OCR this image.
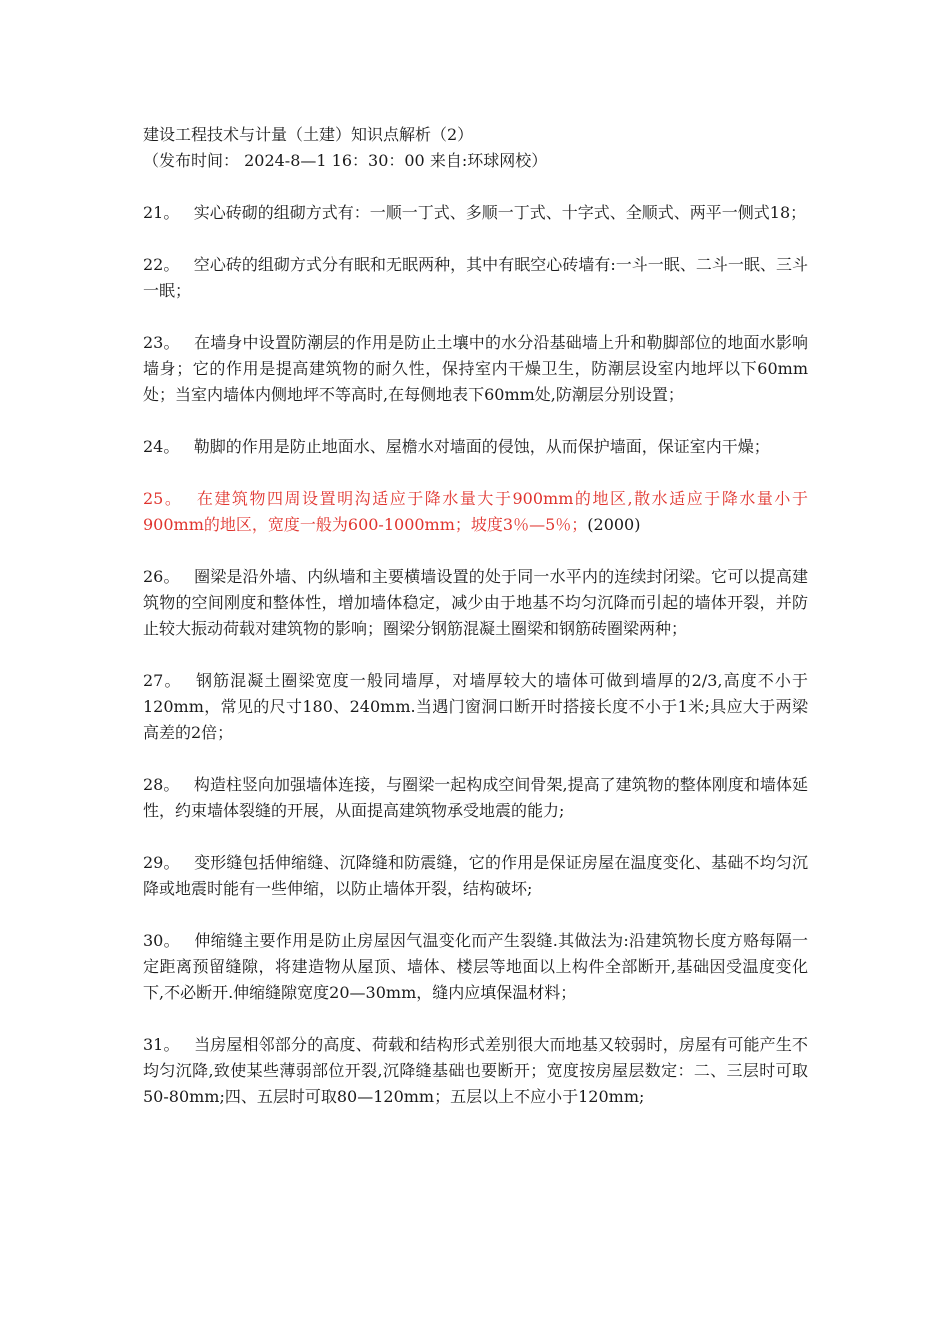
建设工程技术与计量（土建）知识点解析（2）
（发布时间： 2024-8—1 16：30：00 来自:环球网校）

21。 实心砖砌的组砌方式有：一顺一丁式、多顺一丁式、十字式、全顺式、两平一侧式18；

22。 空心砖的组砌方式分有眠和无眠两种，其中有眠空心砖墙有:一斗一眠、二斗一眠、三斗一眠；

23。 在墙身中设置防潮层的作用是防止土壤中的水分沿基础墙上升和勒脚部位的地面水影响墙身；它的作用是提高建筑物的耐久性，保持室内干燥卫生，防潮层设室内地坪以下60mm处；当室内墙体内侧地坪不等高时,在每侧地表下60mm处,防潮层分别设置；

24。 勒脚的作用是防止地面水、屋檐水对墙面的侵蚀，从而保护墙面，保证室内干燥；

25。 在建筑物四周设置明沟适应于降水量大于900mm的地区,散水适应于降水量小于900mm的地区，宽度一般为600-1000mm；坡度3％—5％；(2000)

26。 圈梁是沿外墙、内纵墙和主要横墙设置的处于同一水平内的连续封闭梁。它可以提高建筑物的空间刚度和整体性，增加墙体稳定，减少由于地基不均匀沉降而引起的墙体开裂，并防止较大振动荷载对建筑物的影响；圈梁分钢筋混凝土圈梁和钢筋砖圈梁两种；

27。 钢筋混凝土圈梁宽度一般同墙厚，对墙厚较大的墙体可做到墙厚的2/3,高度不小于120mm，常见的尺寸180、240mm.当遇门窗洞口断开时搭接长度不小于1米;具应大于两梁高差的2倍；

28。 构造柱竖向加强墙体连接，与圈梁一起构成空间骨架,提高了建筑物的整体刚度和墙体延性，约束墙体裂缝的开展，从面提高建筑物承受地震的能力;

29。 变形缝包括伸缩缝、沉降缝和防震缝，它的作用是保证房屋在温度变化、基础不均匀沉降或地震时能有一些伸缩，以防止墙体开裂，结构破坏;

30。 伸缩缝主要作用是防止房屋因气温变化而产生裂缝.其做法为:沿建筑物长度方赂每隔一定距离预留缝隙，将建造物从屋顶、墙体、楼层等地面以上构件全部断开,基础因受温度变化下,不必断开.伸缩缝隙宽度20—30mm，缝内应填保温材料；

31。 当房屋相邻部分的高度、荷载和结构形式差别很大而地基又较弱时，房屋有可能产生不均匀沉降,致使某些薄弱部位开裂,沉降缝基础也要断开；宽度按房屋层数定：二、三层时可取50-80mm;四、五层时可取80—120mm；五层以上不应小于120mm;
